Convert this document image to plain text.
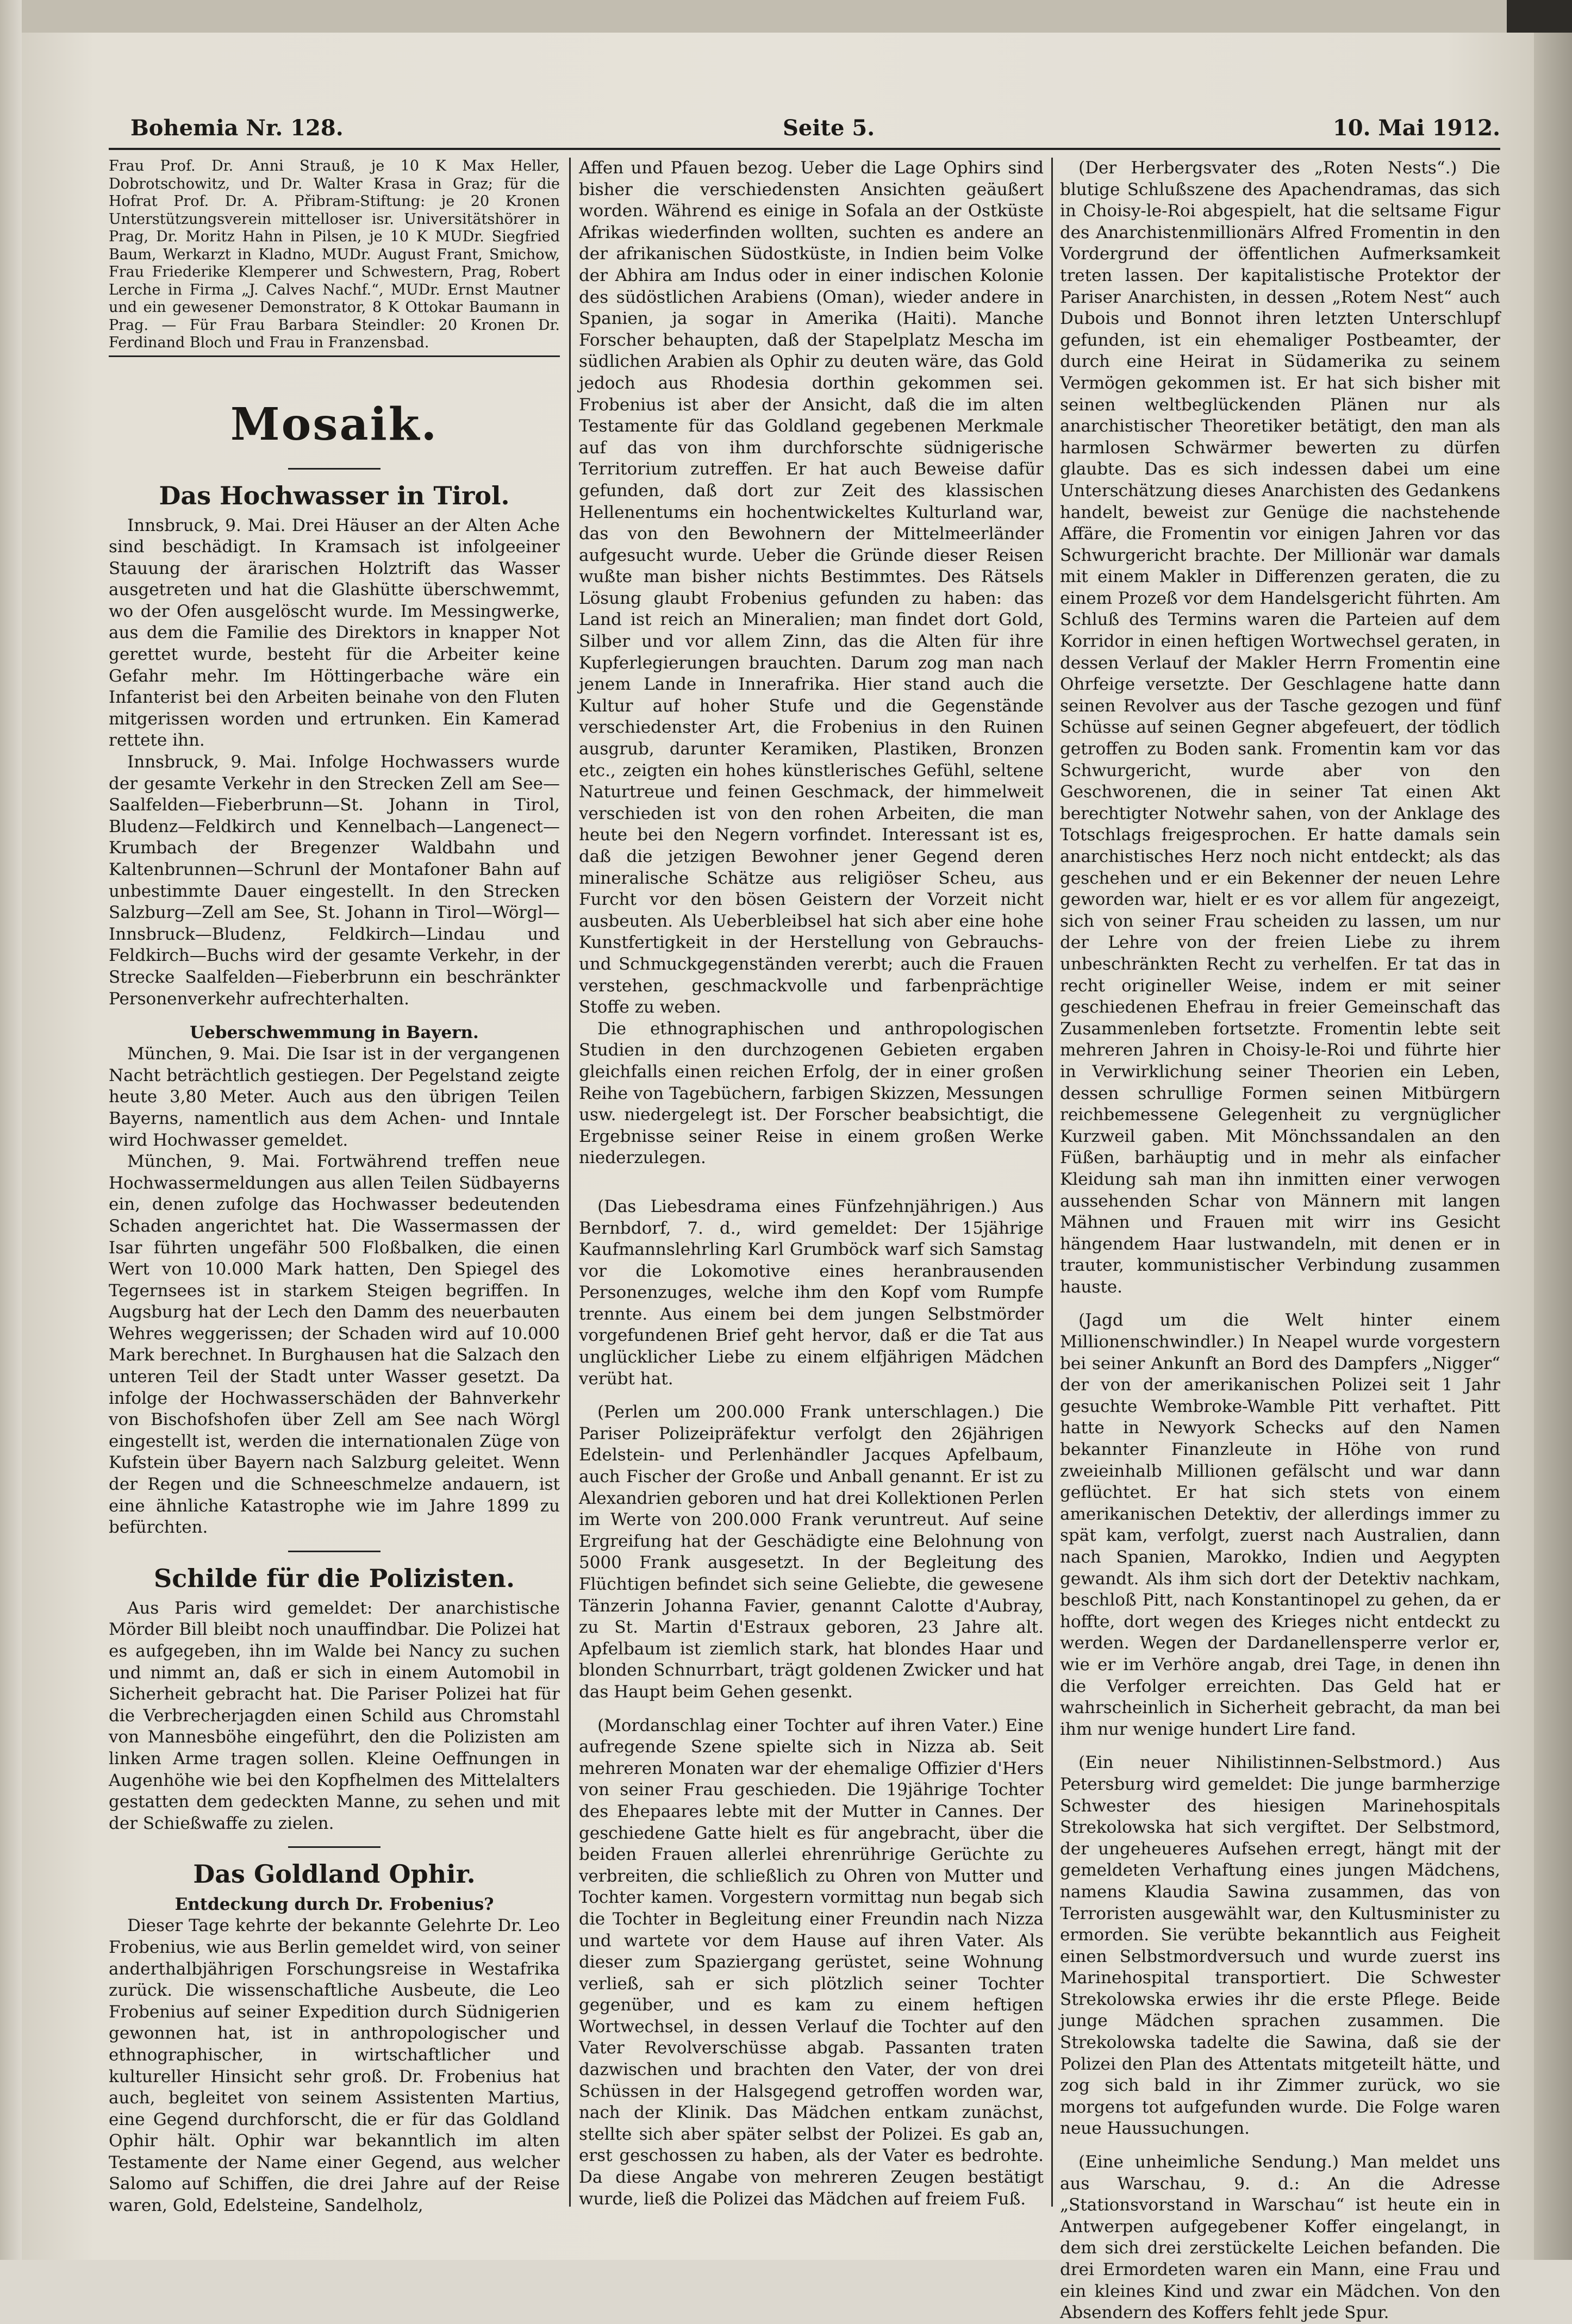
Bohemia Nr. 128.	Seite 5.	10. Mai 1912.

Frau Prof. Dr. Anni Strauß, je 10 K Max Heller, Dobrotschowitz, und Dr. Walter Krasa in Graz; für die Hofrat Prof. Dr. A. Přibram-Stiftung: je 20 Kronen Unterstützungsverein mittelloser isr. Universitätshörer in Prag, Dr. Moritz Hahn in Pilsen, je 10 K MUDr. Siegfried Baum, Werkarzt in Kladno, MUDr. August Frant, Smichow, Frau Friederike Klemperer und Schwestern, Prag, Robert Lerche in Firma „J. Calves Nachf.“, MUDr. Ernst Mautner und ein gewesener Demonstrator, 8 K Ottokar Baumann in Prag. — Für Frau Barbara Steindler: 20 Kronen Dr. Ferdinand Bloch und Frau in Franzensbad.

Mosaik.
Das Hochwasser in Tirol.

Innsbruck, 9. Mai. Drei Häuser an der Alten Ache sind beschädigt. In Kramsach ist infolgeeiner Stauung der ärarischen Holztrift das Wasser ausgetreten und hat die Glashütte überschwemmt, wo der Ofen ausgelöscht wurde. Im Messingwerke, aus dem die Familie des Direktors in knapper Not gerettet wurde, besteht für die Arbeiter keine Gefahr mehr. Im Höttingerbache wäre ein Infanterist bei den Arbeiten beinahe von den Fluten mitgerissen worden und ertrunken. Ein Kamerad rettete ihn.

Innsbruck, 9. Mai. Infolge Hochwassers wurde der gesamte Verkehr in den Strecken Zell am See—Saalfelden—Fieberbrunn—St. Johann in Tirol, Bludenz—Feldkirch und Kennelbach—Langenect—Krumbach der Bregenzer Waldbahn und Kaltenbrunnen—Schrunl der Montafoner Bahn auf unbestimmte Dauer eingestellt. In den Strecken Salzburg—Zell am See, St. Johann in Tirol—Wörgl—Innsbruck—Bludenz, Feldkirch—Lindau und Feldkirch—Buchs wird der gesamte Verkehr, in der Strecke Saalfelden—Fieberbrunn ein beschränkter Personenverkehr aufrechterhalten.

Ueberschwemmung in Bayern.

München, 9. Mai. Die Isar ist in der vergangenen Nacht beträchtlich gestiegen. Der Pegelstand zeigte heute 3,80 Meter. Auch aus den übrigen Teilen Bayerns, namentlich aus dem Achen- und Inntale wird Hochwasser gemeldet.

München, 9. Mai. Fortwährend treffen neue Hochwassermeldungen aus allen Teilen Südbayerns ein, denen zufolge das Hochwasser bedeutenden Schaden angerichtet hat. Die Wassermassen der Isar führten ungefähr 500 Floßbalken, die einen Wert von 10.000 Mark hatten, Den Spiegel des Tegernsees ist in starkem Steigen begriffen. In Augsburg hat der Lech den Damm des neuerbauten Wehres weggerissen; der Schaden wird auf 10.000 Mark berechnet. In Burghausen hat die Salzach den unteren Teil der Stadt unter Wasser gesetzt. Da infolge der Hochwasserschäden der Bahnverkehr von Bischofshofen über Zell am See nach Wörgl eingestellt ist, werden die internationalen Züge von Kufstein über Bayern nach Salzburg geleitet. Wenn der Regen und die Schneeschmelze andauern, ist eine ähnliche Katastrophe wie im Jahre 1899 zu befürchten.

Schilde für die Polizisten.

Aus Paris wird gemeldet: Der anarchistische Mörder Bill bleibt noch unauffindbar. Die Polizei hat es aufgegeben, ihn im Walde bei Nancy zu suchen und nimmt an, daß er sich in einem Automobil in Sicherheit gebracht hat. Die Pariser Polizei hat für die Verbrecherjagden einen Schild aus Chromstahl von Mannesböhe eingeführt, den die Polizisten am linken Arme tragen sollen. Kleine Oeffnungen in Augenhöhe wie bei den Kopfhelmen des Mittelalters gestatten dem gedeckten Manne, zu sehen und mit der Schießwaffe zu zielen.

Das Goldland Ophir.
Entdeckung durch Dr. Frobenius?

Dieser Tage kehrte der bekannte Gelehrte Dr. Leo Frobenius, wie aus Berlin gemeldet wird, von seiner anderthalbjährigen Forschungsreise in Westafrika zurück. Die wissenschaftliche Ausbeute, die Leo Frobenius auf seiner Expedition durch Südnigerien gewonnen hat, ist in anthropologischer und ethnographischer, in wirtschaftlicher und kultureller Hinsicht sehr groß. Dr. Frobenius hat auch, begleitet von seinem Assistenten Martius, eine Gegend durchforscht, die er für das Goldland Ophir hält. Ophir war bekanntlich im alten Testamente der Name einer Gegend, aus welcher Salomo auf Schiffen, die drei Jahre auf der Reise waren, Gold, Edelsteine, Sandelholz,

Affen und Pfauen bezog. Ueber die Lage Ophirs sind bisher die verschiedensten Ansichten geäußert worden. Während es einige in Sofala an der Ostküste Afrikas wiederfinden wollten, suchten es andere an der afrikanischen Südostküste, in Indien beim Volke der Abhira am Indus oder in einer indischen Kolonie des südöstlichen Arabiens (Oman), wieder andere in Spanien, ja sogar in Amerika (Haiti). Manche Forscher behaupten, daß der Stapelplatz Mescha im südlichen Arabien als Ophir zu deuten wäre, das Gold jedoch aus Rhodesia dorthin gekommen sei. Frobenius ist aber der Ansicht, daß die im alten Testamente für das Goldland gegebenen Merkmale auf das von ihm durchforschte südnigerische Territorium zutreffen. Er hat auch Beweise dafür gefunden, daß dort zur Zeit des klassischen Hellenentums ein hochentwickeltes Kulturland war, das von den Bewohnern der Mittelmeerländer aufgesucht wurde. Ueber die Gründe dieser Reisen wußte man bisher nichts Bestimmtes. Des Rätsels Lösung glaubt Frobenius gefunden zu haben: das Land ist reich an Mineralien; man findet dort Gold, Silber und vor allem Zinn, das die Alten für ihre Kupferlegierungen brauchten. Darum zog man nach jenem Lande in Innerafrika. Hier stand auch die Kultur auf hoher Stufe und die Gegenstände verschiedenster Art, die Frobenius in den Ruinen ausgrub, darunter Keramiken, Plastiken, Bronzen etc., zeigten ein hohes künstlerisches Gefühl, seltene Naturtreue und feinen Geschmack, der himmelweit verschieden ist von den rohen Arbeiten, die man heute bei den Negern vorfindet. Interessant ist es, daß die jetzigen Bewohner jener Gegend deren mineralische Schätze aus religiöser Scheu, aus Furcht vor den bösen Geistern der Vorzeit nicht ausbeuten. Als Ueberbleibsel hat sich aber eine hohe Kunstfertigkeit in der Herstellung von Gebrauchs- und Schmuckgegenständen vererbt; auch die Frauen verstehen, geschmackvolle und farbenprächtige Stoffe zu weben.

Die ethnographischen und anthropologischen Studien in den durchzogenen Gebieten ergaben gleichfalls einen reichen Erfolg, der in einer großen Reihe von Tagebüchern, farbigen Skizzen, Messungen usw. niedergelegt ist. Der Forscher beabsichtigt, die Ergebnisse seiner Reise in einem großen Werke niederzulegen.

(Das Liebesdrama eines Fünfzehnjährigen.) Aus Bernbdorf, 7. d., wird gemeldet: Der 15jährige Kaufmannslehrling Karl Grumböck warf sich Samstag vor die Lokomotive eines heranbrausenden Personenzuges, welche ihm den Kopf vom Rumpfe trennte. Aus einem bei dem jungen Selbstmörder vorgefundenen Brief geht hervor, daß er die Tat aus unglücklicher Liebe zu einem elfjährigen Mädchen verübt hat.

(Perlen um 200.000 Frank unterschlagen.) Die Pariser Polizeipräfektur verfolgt den 26jährigen Edelstein- und Perlenhändler Jacques Apfelbaum, auch Fischer der Große und Anball genannt. Er ist zu Alexandrien geboren und hat drei Kollektionen Perlen im Werte von 200.000 Frank veruntreut. Auf seine Ergreifung hat der Geschädigte eine Belohnung von 5000 Frank ausgesetzt. In der Begleitung des Flüchtigen befindet sich seine Geliebte, die gewesene Tänzerin Johanna Favier, genannt Calotte d'Aubray, zu St. Martin d'Estraux geboren, 23 Jahre alt. Apfelbaum ist ziemlich stark, hat blondes Haar und blonden Schnurrbart, trägt goldenen Zwicker und hat das Haupt beim Gehen gesenkt.

(Mordanschlag einer Tochter auf ihren Vater.) Eine aufregende Szene spielte sich in Nizza ab. Seit mehreren Monaten war der ehemalige Offizier d'Hers von seiner Frau geschieden. Die 19jährige Tochter des Ehepaares lebte mit der Mutter in Cannes. Der geschiedene Gatte hielt es für angebracht, über die beiden Frauen allerlei ehrenrührige Gerüchte zu verbreiten, die schließlich zu Ohren von Mutter und Tochter kamen. Vorgestern vormittag nun begab sich die Tochter in Begleitung einer Freundin nach Nizza und wartete vor dem Hause auf ihren Vater. Als dieser zum Spaziergang gerüstet, seine Wohnung verließ, sah er sich plötzlich seiner Tochter gegenüber, und es kam zu einem heftigen Wortwechsel, in dessen Verlauf die Tochter auf den Vater Revolverschüsse abgab. Passanten traten dazwischen und brachten den Vater, der von drei Schüssen in der Halsgegend getroffen worden war, nach der Klinik. Das Mädchen entkam zunächst, stellte sich aber später selbst der Polizei. Es gab an, erst geschossen zu haben, als der Vater es bedrohte. Da diese Angabe von mehreren Zeugen bestätigt wurde, ließ die Polizei das Mädchen auf freiem Fuß.

(Der Herbergsvater des „Roten Nests“.) Die blutige Schlußszene des Apachendramas, das sich in Choisy-le-Roi abgespielt, hat die seltsame Figur des Anarchistenmillionärs Alfred Fromentin in den Vordergrund der öffentlichen Aufmerksamkeit treten lassen. Der kapitalistische Protektor der Pariser Anarchisten, in dessen „Rotem Nest“ auch Dubois und Bonnot ihren letzten Unterschlupf gefunden, ist ein ehemaliger Postbeamter, der durch eine Heirat in Südamerika zu seinem Vermögen gekommen ist. Er hat sich bisher mit seinen weltbeglückenden Plänen nur als anarchistischer Theoretiker betätigt, den man als harmlosen Schwärmer bewerten zu dürfen glaubte. Das es sich indessen dabei um eine Unterschätzung dieses Anarchisten des Gedankens handelt, beweist zur Genüge die nachstehende Affäre, die Fromentin vor einigen Jahren vor das Schwurgericht brachte. Der Millionär war damals mit einem Makler in Differenzen geraten, die zu einem Prozeß vor dem Handelsgericht führten. Am Schluß des Termins waren die Parteien auf dem Korridor in einen heftigen Wortwechsel geraten, in dessen Verlauf der Makler Herrn Fromentin eine Ohrfeige versetzte. Der Geschlagene hatte dann seinen Revolver aus der Tasche gezogen und fünf Schüsse auf seinen Gegner abgefeuert, der tödlich getroffen zu Boden sank. Fromentin kam vor das Schwurgericht, wurde aber von den Geschworenen, die in seiner Tat einen Akt berechtigter Notwehr sahen, von der Anklage des Totschlags freigesprochen. Er hatte damals sein anarchistisches Herz noch nicht entdeckt; als das geschehen und er ein Bekenner der neuen Lehre geworden war, hielt er es vor allem für angezeigt, sich von seiner Frau scheiden zu lassen, um nur der Lehre von der freien Liebe zu ihrem unbeschränkten Recht zu verhelfen. Er tat das in recht origineller Weise, indem er mit seiner geschiedenen Ehefrau in freier Gemeinschaft das Zusammenleben fortsetzte. Fromentin lebte seit mehreren Jahren in Choisy-le-Roi und führte hier in Verwirklichung seiner Theorien ein Leben, dessen schrullige Formen seinen Mitbürgern reichbemessene Gelegenheit zu vergnüglicher Kurzweil gaben. Mit Mönchssandalen an den Füßen, barhäuptig und in mehr als einfacher Kleidung sah man ihn inmitten einer verwogen aussehenden Schar von Männern mit langen Mähnen und Frauen mit wirr ins Gesicht hängendem Haar lustwandeln, mit denen er in trauter, kommunistischer Verbindung zusammen hauste.

(Jagd um die Welt hinter einem Millionenschwindler.) In Neapel wurde vorgestern bei seiner Ankunft an Bord des Dampfers „Nigger“ der von der amerikanischen Polizei seit 1 Jahr gesuchte Wembroke-Wamble Pitt verhaftet. Pitt hatte in Newyork Schecks auf den Namen bekannter Finanzleute in Höhe von rund zweieinhalb Millionen gefälscht und war dann geflüchtet. Er hat sich stets von einem amerikanischen Detektiv, der allerdings immer zu spät kam, verfolgt, zuerst nach Australien, dann nach Spanien, Marokko, Indien und Aegypten gewandt. Als ihm sich dort der Detektiv nachkam, beschloß Pitt, nach Konstantinopel zu gehen, da er hoffte, dort wegen des Krieges nicht entdeckt zu werden. Wegen der Dardanellensperre verlor er, wie er im Verhöre angab, drei Tage, in denen ihn die Verfolger erreichten. Das Geld hat er wahrscheinlich in Sicherheit gebracht, da man bei ihm nur wenige hundert Lire fand.

(Ein neuer Nihilistinnen-Selbstmord.) Aus Petersburg wird gemeldet: Die junge barmherzige Schwester des hiesigen Marinehospitals Strekolowska hat sich vergiftet. Der Selbstmord, der ungeheueres Aufsehen erregt, hängt mit der gemeldeten Verhaftung eines jungen Mädchens, namens Klaudia Sawina zusammen, das von Terroristen ausgewählt war, den Kultusminister zu ermorden. Sie verübte bekanntlich aus Feigheit einen Selbstmordversuch und wurde zuerst ins Marinehospital transportiert. Die Schwester Strekolowska erwies ihr die erste Pflege. Beide junge Mädchen sprachen zusammen. Die Strekolowska tadelte die Sawina, daß sie der Polizei den Plan des Attentats mitgeteilt hätte, und zog sich bald in ihr Zimmer zurück, wo sie morgens tot aufgefunden wurde. Die Folge waren neue Haussuchungen.

(Eine unheimliche Sendung.) Man meldet uns aus Warschau, 9. d.: An die Adresse „Stationsvorstand in Warschau“ ist heute ein in Antwerpen aufgegebener Koffer eingelangt, in dem sich drei zerstückelte Leichen befanden. Die drei Ermordeten waren ein Mann, eine Frau und ein kleines Kind und zwar ein Mädchen. Von den Absendern des Koffers fehlt jede Spur.
